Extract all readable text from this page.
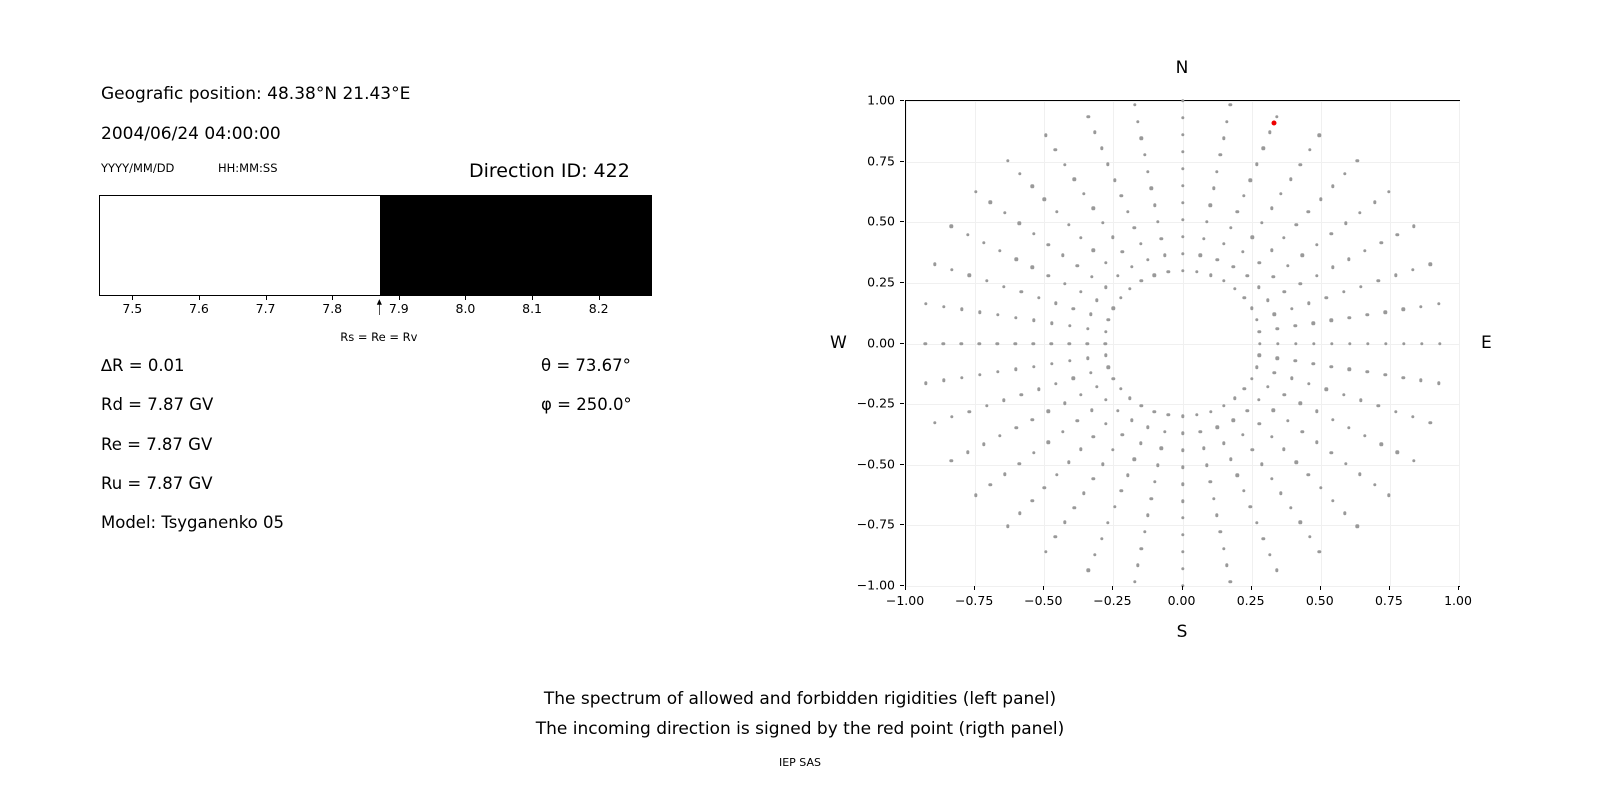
Geografic position: 48.38°N 21.43°E
2004/06/24 04:00:00
YYYY/MM/DD	HH:MM:SS	Direction ID: 422
7.5	7.6	7.7	7.8	7.9	8.0	8.1	8.2
Rs = Re = Rv
∆R = 0.01
Rd = 7.87 GV
Re = 7.87 GV
Ru = 7.87 GV
Model: Tsyganenko 05
θ = 73.67°
φ = 250.0°
N
S
W	E
−1.00 −0.75 −0.50 −0.25	0.00	0.25	0.50	0.75	1.00
−1.00
−0.75
−0.50
−0.25
0.00
0.25
0.50
0.75
1.00
The spectrum of allowed and forbidden rigidities (left panel)
The incoming direction is signed by the red point (rigth panel)
IEP SAS
